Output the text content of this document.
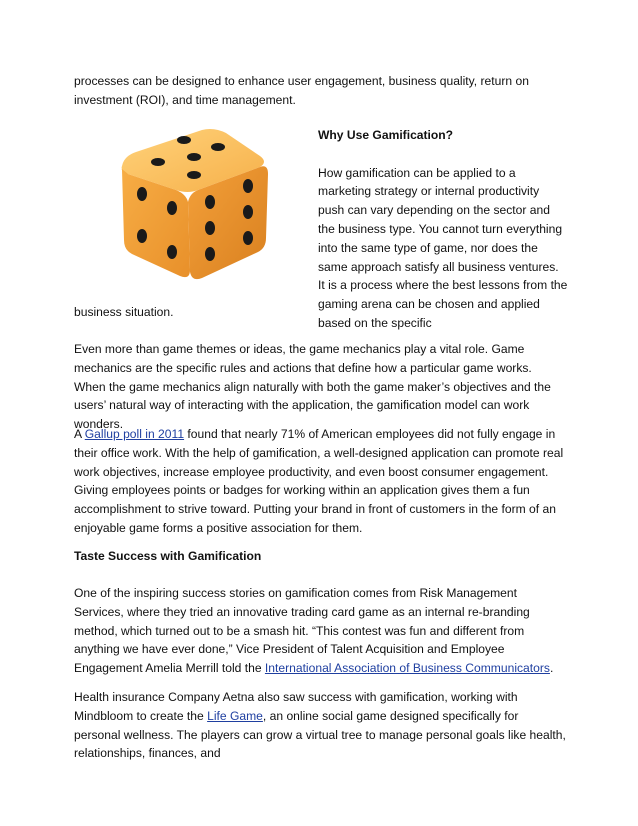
processes can be designed to enhance user engagement, business quality, return on investment (ROI), and time management.

Why Use Gamification?

How gamification can be applied to a marketing strategy or internal productivity push can vary depending on the sector and the business type. You cannot turn everything into the same type of game, nor does the same approach satisfy all business ventures. It is a process where the best lessons from the gaming arena can be chosen and applied based on the specific

business situation.

Even more than game themes or ideas, the game mechanics play a vital role. Game mechanics are the specific rules and actions that define how a particular game works. When the game mechanics align naturally with both the game maker’s objectives and the users’ natural way of interacting with the application, the gamification model can work wonders.

A Gallup poll in 2011 found that nearly 71% of American employees did not fully engage in their office work. With the help of gamification, a well-designed application can promote real work objectives, increase employee productivity, and even boost consumer engagement. Giving employees points or badges for working within an application gives them a fun accomplishment to strive toward. Putting your brand in front of customers in the form of an enjoyable game forms a positive association for them.

Taste Success with Gamification

One of the inspiring success stories on gamification comes from Risk Management Services, where they tried an innovative trading card game as an internal re-branding method, which turned out to be a smash hit. “This contest was fun and different from anything we have ever done,” Vice President of Talent Acquisition and Employee Engagement Amelia Merrill told the International Association of Business Communicators.

Health insurance Company Aetna also saw success with gamification, working with Mindbloom to create the Life Game, an online social game designed specifically for personal wellness. The players can grow a virtual tree to manage personal goals like health, relationships, finances, and
